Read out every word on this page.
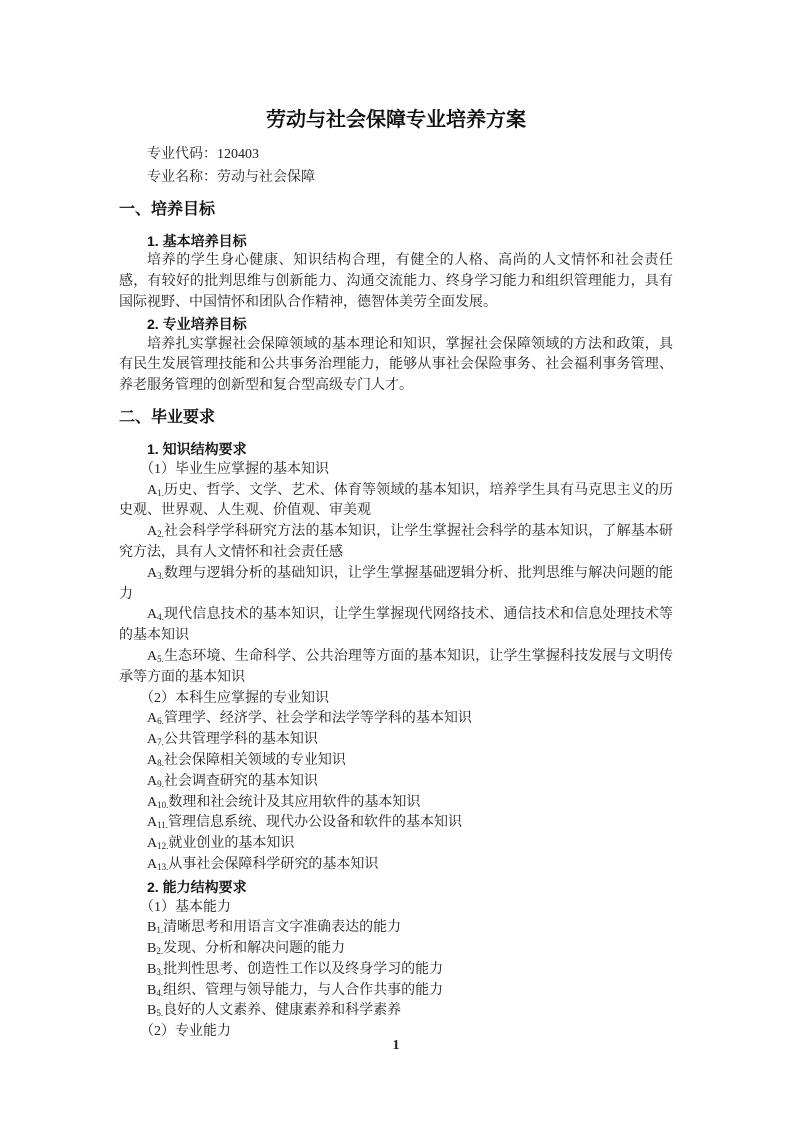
劳动与社会保障专业培养方案
专业代码：120403
专业名称：劳动与社会保障
一、培养目标
1. 基本培养目标
培养的学生身心健康、知识结构合理，有健全的人格、高尚的人文情怀和社会责任感，有较好的批判思维与创新能力、沟通交流能力、终身学习能力和组织管理能力，具有国际视野、中国情怀和团队合作精神，德智体美劳全面发展。
2. 专业培养目标
培养扎实掌握社会保障领域的基本理论和知识，掌握社会保障领域的方法和政策，具有民生发展管理技能和公共事务治理能力，能够从事社会保险事务、社会福利事务管理、养老服务管理的创新型和复合型高级专门人才。
二、毕业要求
1. 知识结构要求
（1）毕业生应掌握的基本知识
$A_{1.}$历史、哲学、文学、艺术、体育等领域的基本知识，培养学生具有马克思主义的历史观、世界观、人生观、价值观、审美观
$A_{2.}$社会科学学科研究方法的基本知识，让学生掌握社会科学的基本知识，了解基本研究方法，具有人文情怀和社会责任感
$A_{3.}$数理与逻辑分析的基础知识，让学生掌握基础逻辑分析、批判思维与解决问题的能力
$A_{4.}$现代信息技术的基本知识，让学生掌握现代网络技术、通信技术和信息处理技术等的基本知识
$A_{5.}$生态环境、生命科学、公共治理等方面的基本知识，让学生掌握科技发展与文明传承等方面的基本知识
（2）本科生应掌握的专业知识
$A_{6.}$管理学、经济学、社会学和法学等学科的基本知识
$A_{7.}$公共管理学科的基本知识
$A_{8.}$社会保障相关领域的专业知识
$A_{9.}$社会调查研究的基本知识
$A_{10.}$数理和社会统计及其应用软件的基本知识
$A_{11.}$管理信息系统、现代办公设备和软件的基本知识
$A_{12.}$就业创业的基本知识
$A_{13.}$从事社会保障科学研究的基本知识
2. 能力结构要求
（1）基本能力
$B_{1.}$清晰思考和用语言文字准确表达的能力
$B_{2.}$发现、分析和解决问题的能力
$B_{3.}$批判性思考、创造性工作以及终身学习的能力
$B_{4.}$组织、管理与领导能力，与人合作共事的能力
$B_{5.}$良好的人文素养、健康素养和科学素养
（2）专业能力
1
